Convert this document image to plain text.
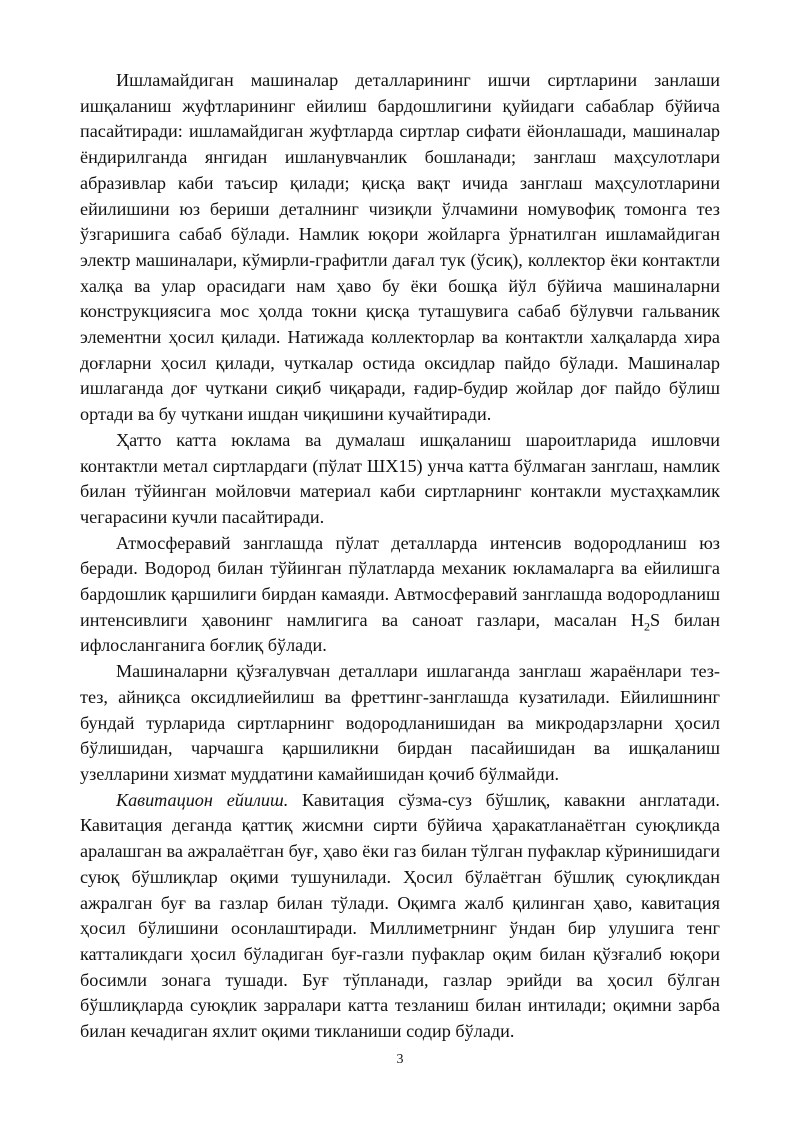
Ишламайдиган машиналар деталларининг ишчи сиртларини занлаши ишқаланиш жуфтларининг ейилиш бардошлигини қуйидаги сабаблар бўйича пасайтиради: ишламайдиган жуфтларда сиртлар сифати ёйонлашади, машиналар ёндирилганда янгидан ишланувчанлик бошланади; занглаш маҳсулотлари абразивлар каби таъсир қилади; қисқа вақт ичида занглаш маҳсулотларини ейилишини юз бериши деталнинг чизиқли ўлчамини номувофиқ томонга тез ўзгаришига сабаб бўлади. Намлик юқори жойларга ўрнатилган ишламайдиган электр машиналари, кўмирли-графитли дағал тук (ўсиқ), коллектор ёки контактли халқа ва улар орасидаги нам ҳаво бу ёки бошқа йўл бўйича машиналарни конструкциясига мос ҳолда токни қисқа туташувига сабаб бўлувчи гальваник элементни ҳосил қилади. Натижада коллекторлар ва контактли халқаларда хира доғларни ҳосил қилади, чуткалар остида оксидлар пайдо бўлади. Машиналар ишлаганда доғ чуткани сиқиб чиқаради, ғадир-будир жойлар доғ пайдо бўлиш ортади ва бу чуткани ишдан чиқишини кучайтиради.

Ҳатто катта юклама ва думалаш ишқаланиш шароитларида ишловчи контактли метал сиртлардаги (пўлат ШХ15) унча катта бўлмаган занглаш, намлик билан тўйинган мойловчи материал каби сиртларнинг контакли мустаҳкамлик чегарасини кучли пасайтиради.

Атмосферавий занглашда пўлат деталлардa интенсив водородланиш юз беради. Водород билан тўйинган пўлатларда механик юкламаларга ва ейилишга бардошлик қаршилиги бирдан камаяди. Автмосферавий занглашда водородланиш интенсивлиги ҳавонинг намлигига ва саноат газлари, масалан $H_2S$ билан ифлосланганига боғлиқ бўлади.

Машиналарни қўзғалувчан деталлари ишлаганда занглаш жараёнлари тез-тез, айниқса оксидлиейилиш ва фреттинг-занглашда кузатилади. Ейилишнинг бундай турларида сиртларнинг водородланишидан ва микродарзларни ҳосил бўлишидан, чарчашга қаршиликни бирдан пасайишидан ва ишқаланиш узелларини хизмат муддатини камайишидан қочиб бўлмайди.

Кавитацион ейилиш. Кавитация сўзма-суз бўшлиқ, кавакни англатади. Кавитация деганда қаттиқ жисмни сирти бўйича ҳаракатланаётган суюқликда аралашган ва ажралаётган буғ, ҳаво ёки газ билан тўлган пуфаклар кўринишидаги суюқ бўшлиқлар оқими тушунилади. Ҳосил бўлаётган бўшлиқ суюқликдан ажралган буғ ва газлар билан тўлади. Оқимга жалб қилинган ҳаво, кавитация ҳосил бўлишини осонлаштиради. Миллиметрнинг ўндан бир улушига тенг катталикдаги ҳосил бўладиган буғ-газли пуфаклар оқим билан қўзғалиб юқори босимли зонага тушади. Буғ тўпланади, газлар эрийди ва ҳосил бўлган бўшлиқларда суюқлик зарралари катта тезланиш билан интилади; оқимни зарба билан кечадиган яхлит оқими тикланиши содир бўлади.

3
